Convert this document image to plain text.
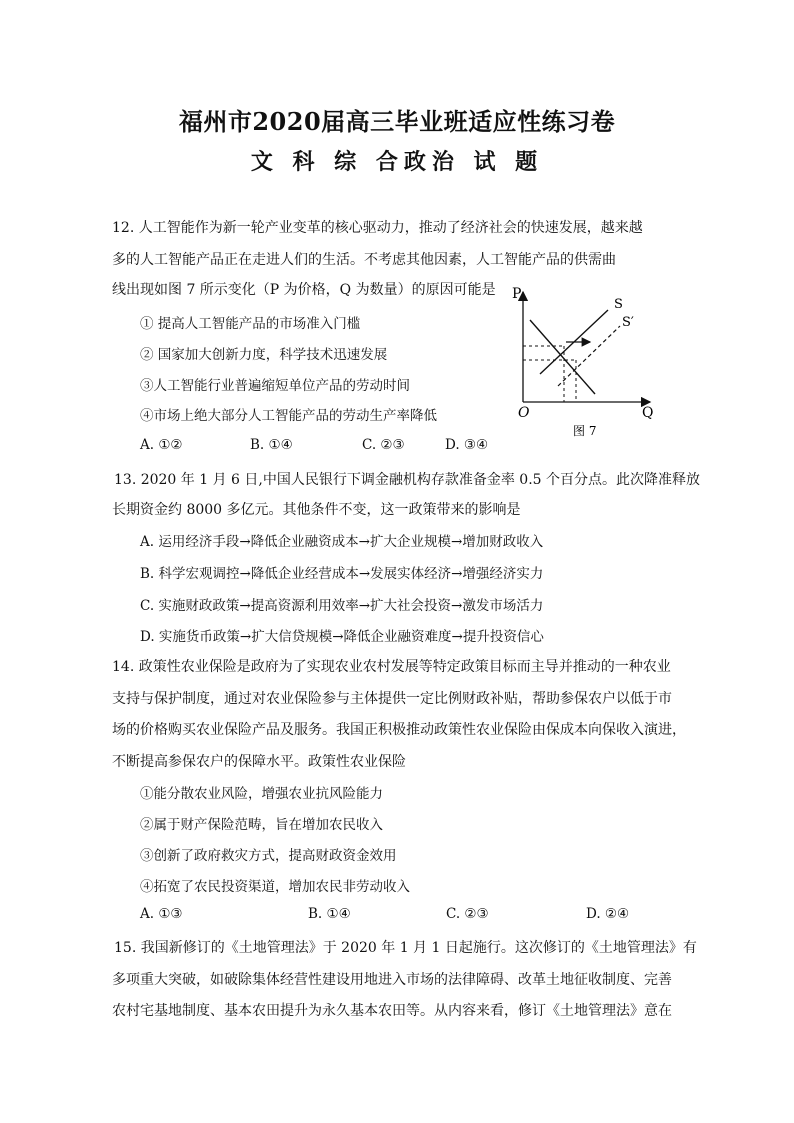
福州市2020届高三毕业班适应性练习卷
文 科 综 合政治 试 题
12. 人工智能作为新一轮产业变革的核心驱动力，推动了经济社会的快速发展，越来越
多的人工智能产品正在走进人们的生活。不考虑其他因素，人工智能产品的供需曲
线出现如图 7 所示变化（P 为价格，Q 为数量）的原因可能是
① 提高人工智能产品的市场准入门槛
② 国家加大创新力度，科学技术迅速发展
③人工智能行业普遍缩短单位产品的劳动时间
④市场上绝大部分人工智能产品的劳动生产率降低
A. ①②	B. ①④	C. ②③	D. ③④
P
Q
O
S
S′
图 7
13. 2020 年 1 月 6 日,中国人民银行下调金融机构存款准备金率 0.5 个百分点。此次降准释放
长期资金约 8000 多亿元。其他条件不变，这一政策带来的影响是
A. 运用经济手段→降低企业融资成本→扩大企业规模→增加财政收入
B. 科学宏观调控→降低企业经营成本→发展实体经济→增强经济实力
C. 实施财政政策→提高资源利用效率→扩大社会投资→激发市场活力
D. 实施货币政策→扩大信贷规模→降低企业融资难度→提升投资信心
14. 政策性农业保险是政府为了实现农业农村发展等特定政策目标而主导并推动的一种农业
支持与保护制度，通过对农业保险参与主体提供一定比例财政补贴，帮助参保农户以低于市
场的价格购买农业保险产品及服务。我国正积极推动政策性农业保险由保成本向保收入演进，
不断提高参保农户的保障水平。政策性农业保险
①能分散农业风险，增强农业抗风险能力
②属于财产保险范畴，旨在增加农民收入
③创新了政府救灾方式，提高财政资金效用
④拓宽了农民投资渠道，增加农民非劳动收入
A. ①③	B. ①④	C. ②③	D. ②④
15. 我国新修订的《土地管理法》于 2020 年 1 月 1 日起施行。这次修订的《土地管理法》有
多项重大突破，如破除集体经营性建设用地进入市场的法律障碍、改革土地征收制度、完善
农村宅基地制度、基本农田提升为永久基本农田等。从内容来看，修订《土地管理法》意在
